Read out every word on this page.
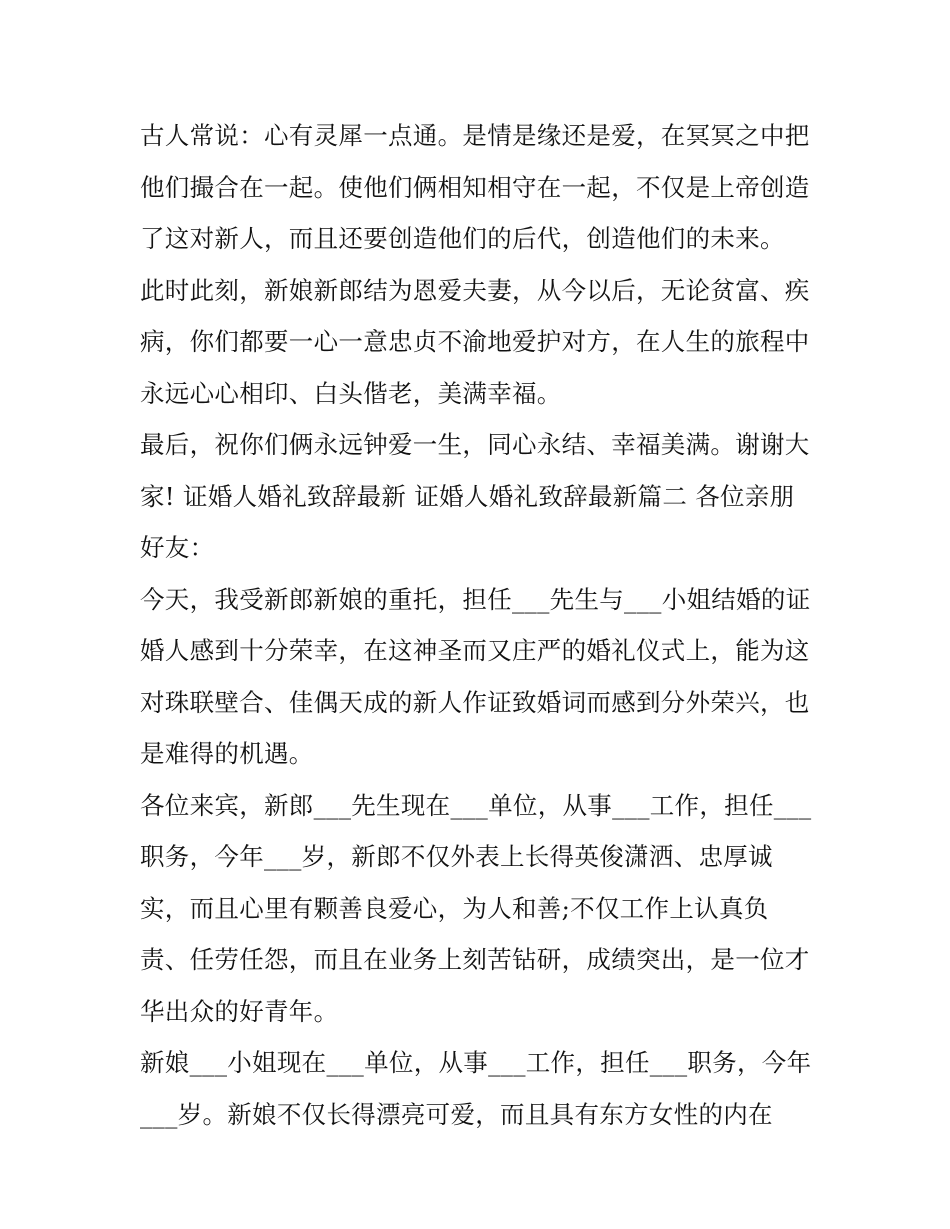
古人常说：心有灵犀一点通。是情是缘还是爱，在冥冥之中把
他们撮合在一起。使他们俩相知相守在一起，不仅是上帝创造
了这对新人，而且还要创造他们的后代，创造他们的未来。
此时此刻，新娘新郎结为恩爱夫妻，从今以后，无论贫富、疾
病，你们都要一心一意忠贞不渝地爱护对方，在人生的旅程中
永远心心相印、白头偕老，美满幸福。
最后，祝你们俩永远钟爱一生，同心永结、幸福美满。谢谢大
家! 证婚人婚礼致辞最新 证婚人婚礼致辞最新篇二 各位亲朋
好友：
今天，我受新郎新娘的重托，担任___先生与___小姐结婚的证
婚人感到十分荣幸，在这神圣而又庄严的婚礼仪式上，能为这
对珠联壁合、佳偶天成的新人作证致婚词而感到分外荣兴，也
是难得的机遇。
各位来宾，新郎___先生现在___单位，从事___工作，担任___
职务，今年___岁，新郎不仅外表上长得英俊潇洒、忠厚诚
实，而且心里有颗善良爱心，为人和善;不仅工作上认真负
责、任劳任怨，而且在业务上刻苦钻研，成绩突出，是一位才
华出众的好青年。
新娘___小姐现在___单位，从事___工作，担任___职务，今年
___岁。新娘不仅长得漂亮可爱，而且具有东方女性的内在
